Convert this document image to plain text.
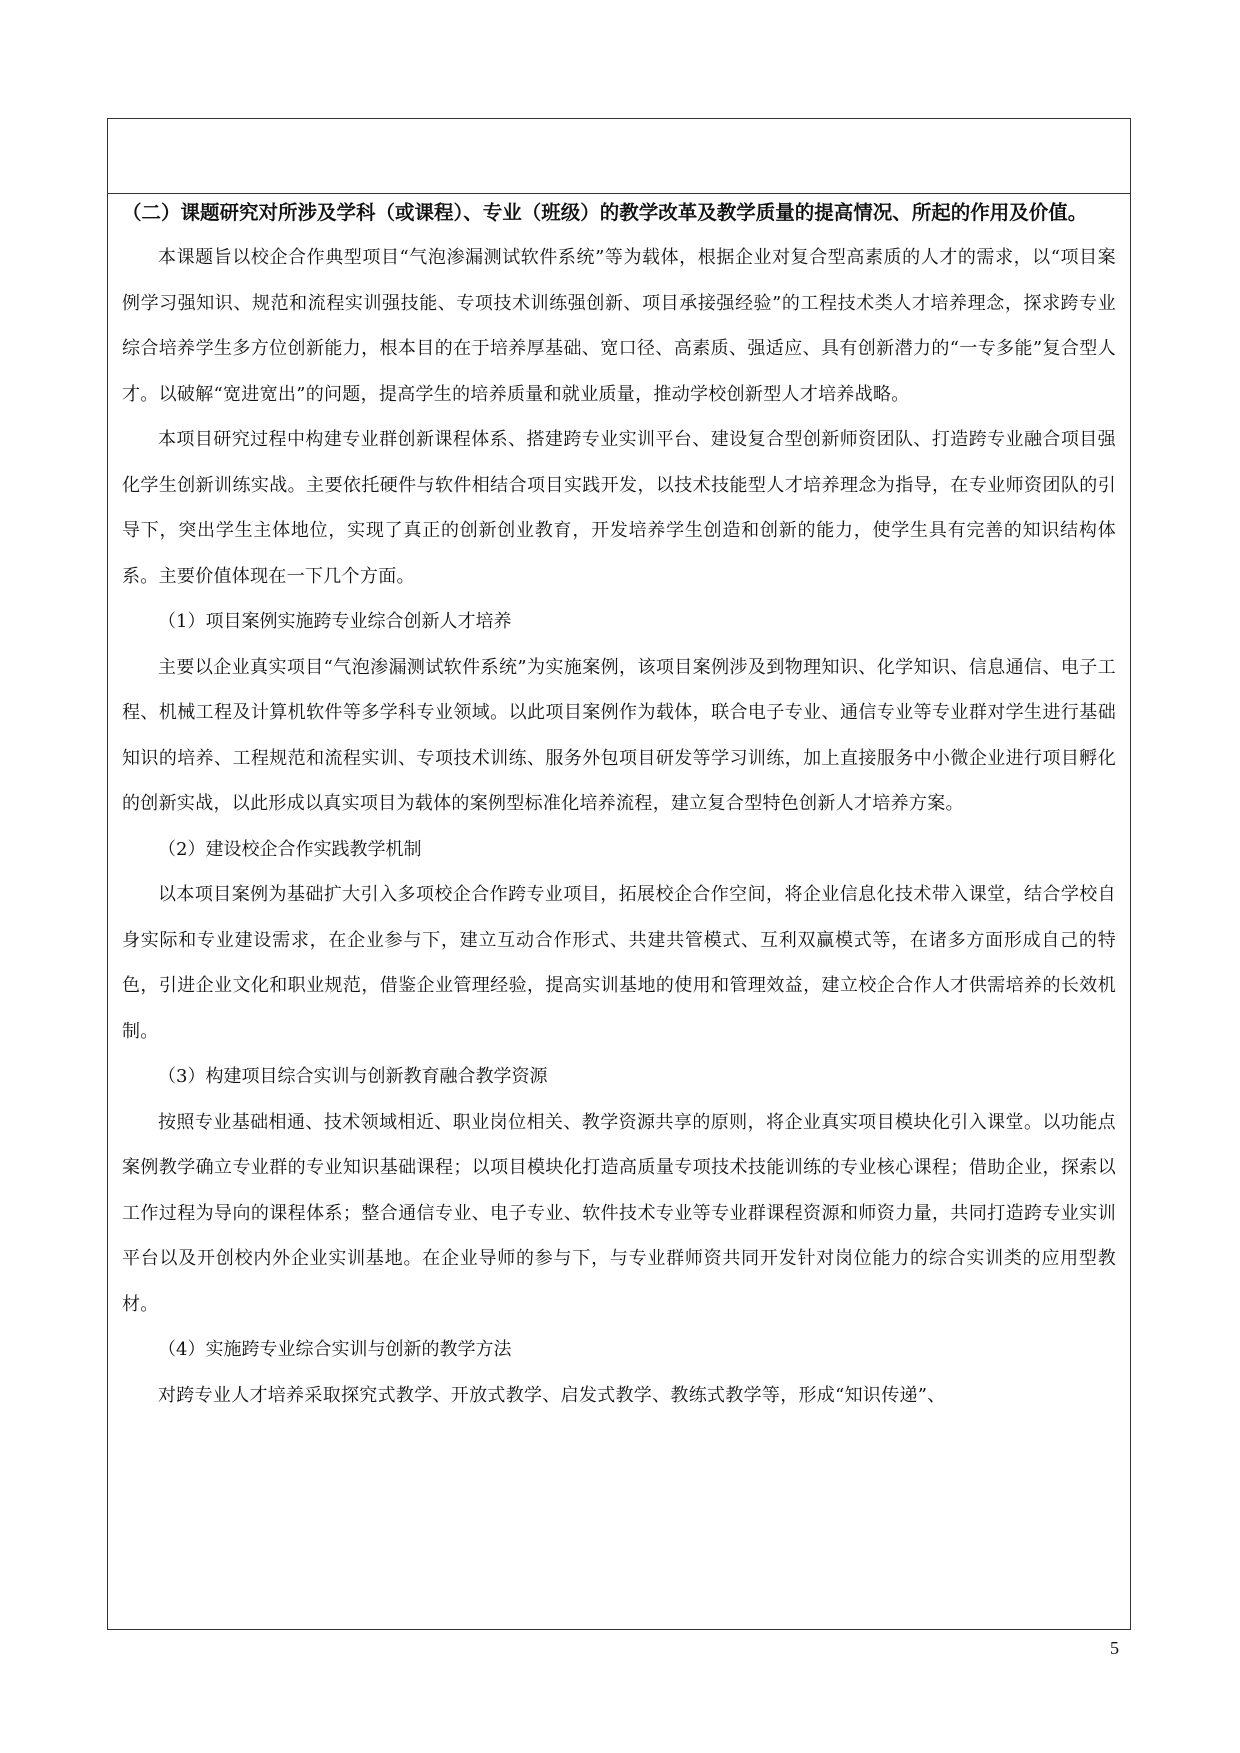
（二）课题研究对所涉及学科（或课程）、专业（班级）的教学改革及教学质量的提高情况、所起的作用及价值。

本课题旨以校企合作典型项目“气泡渗漏测试软件系统”等为载体，根据企业对复合型高素质的人才的需求，以“项目案例学习强知识、规范和流程实训强技能、专项技术训练强创新、项目承接强经验”的工程技术类人才培养理念，探求跨专业综合培养学生多方位创新能力，根本目的在于培养厚基础、宽口径、高素质、强适应、具有创新潜力的“一专多能”复合型人才。以破解“宽进宽出”的问题，提高学生的培养质量和就业质量，推动学校创新型人才培养战略。

本项目研究过程中构建专业群创新课程体系、搭建跨专业实训平台、建设复合型创新师资团队、打造跨专业融合项目强化学生创新训练实战。主要依托硬件与软件相结合项目实践开发，以技术技能型人才培养理念为指导，在专业师资团队的引导下，突出学生主体地位，实现了真正的创新创业教育，开发培养学生创造和创新的能力，使学生具有完善的知识结构体系。主要价值体现在一下几个方面。

（1）项目案例实施跨专业综合创新人才培养

主要以企业真实项目“气泡渗漏测试软件系统”为实施案例，该项目案例涉及到物理知识、化学知识、信息通信、电子工程、机械工程及计算机软件等多学科专业领域。以此项目案例作为载体，联合电子专业、通信专业等专业群对学生进行基础知识的培养、工程规范和流程实训、专项技术训练、服务外包项目研发等学习训练，加上直接服务中小微企业进行项目孵化的创新实战，以此形成以真实项目为载体的案例型标准化培养流程，建立复合型特色创新人才培养方案。

（2）建设校企合作实践教学机制

以本项目案例为基础扩大引入多项校企合作跨专业项目，拓展校企合作空间，将企业信息化技术带入课堂，结合学校自身实际和专业建设需求，在企业参与下，建立互动合作形式、共建共管模式、互利双赢模式等，在诸多方面形成自己的特色，引进企业文化和职业规范，借鉴企业管理经验，提高实训基地的使用和管理效益，建立校企合作人才供需培养的长效机制。

（3）构建项目综合实训与创新教育融合教学资源

按照专业基础相通、技术领域相近、职业岗位相关、教学资源共享的原则，将企业真实项目模块化引入课堂。以功能点案例教学确立专业群的专业知识基础课程；以项目模块化打造高质量专项技术技能训练的专业核心课程；借助企业，探索以工作过程为导向的课程体系；整合通信专业、电子专业、软件技术专业等专业群课程资源和师资力量，共同打造跨专业实训平台以及开创校内外企业实训基地。在企业导师的参与下，与专业群师资共同开发针对岗位能力的综合实训类的应用型教材。

（4）实施跨专业综合实训与创新的教学方法

对跨专业人才培养采取探究式教学、开放式教学、启发式教学、教练式教学等，形成“知识传递”、

5
